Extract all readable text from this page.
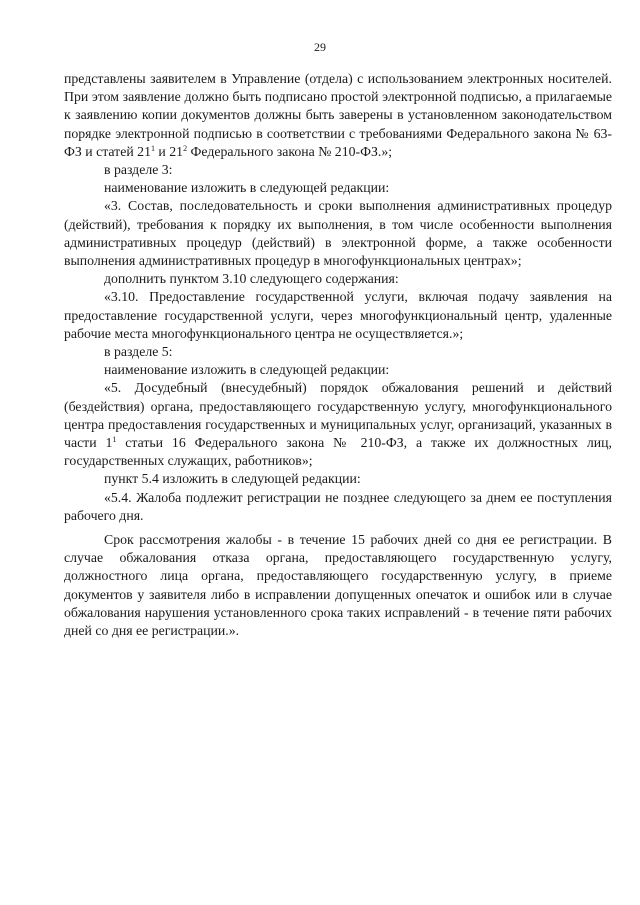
29

представлены заявителем в Управление (отдела) с использованием электронных носителей. При этом заявление должно быть подписано простой электронной подписью, а прилагаемые к заявлению копии документов должны быть заверены в установленном законодательством порядке электронной подписью в соответствии с требованиями Федерального закона № 63-ФЗ и статей $21^1$ и $21^2$ Федерального закона № 210-ФЗ.»;

в разделе 3:

наименование изложить в следующей редакции:

«3. Состав, последовательность и сроки выполнения административных процедур (действий), требования к порядку их выполнения, в том числе особенности выполнения административных процедур (действий) в электронной форме, а также особенности выполнения административных процедур в многофункциональных центрах»;

дополнить пунктом 3.10 следующего содержания:

«3.10. Предоставление государственной услуги, включая подачу заявления на предоставление государственной услуги, через многофункциональный центр, удаленные рабочие места многофункционального центра не осуществляется.»;

в разделе 5:

наименование изложить в следующей редакции:

«5. Досудебный (внесудебный) порядок обжалования решений и действий (бездействия) органа, предоставляющего государственную услугу, многофункционального центра предоставления государственных и муниципальных услуг, организаций, указанных в части $1^1$ статьи 16 Федерального закона № 210-ФЗ, а также их должностных лиц, государственных служащих, работников»;

пункт 5.4 изложить в следующей редакции:

«5.4. Жалоба подлежит регистрации не позднее следующего за днем ее поступления рабочего дня.

Срок рассмотрения жалобы - в течение 15 рабочих дней со дня ее регистрации. В случае обжалования отказа органа, предоставляющего государственную услугу, должностного лица органа, предоставляющего государственную услугу, в приеме документов у заявителя либо в исправлении допущенных опечаток и ошибок или в случае обжалования нарушения установленного срока таких исправлений - в течение пяти рабочих дней со дня ее регистрации.».
